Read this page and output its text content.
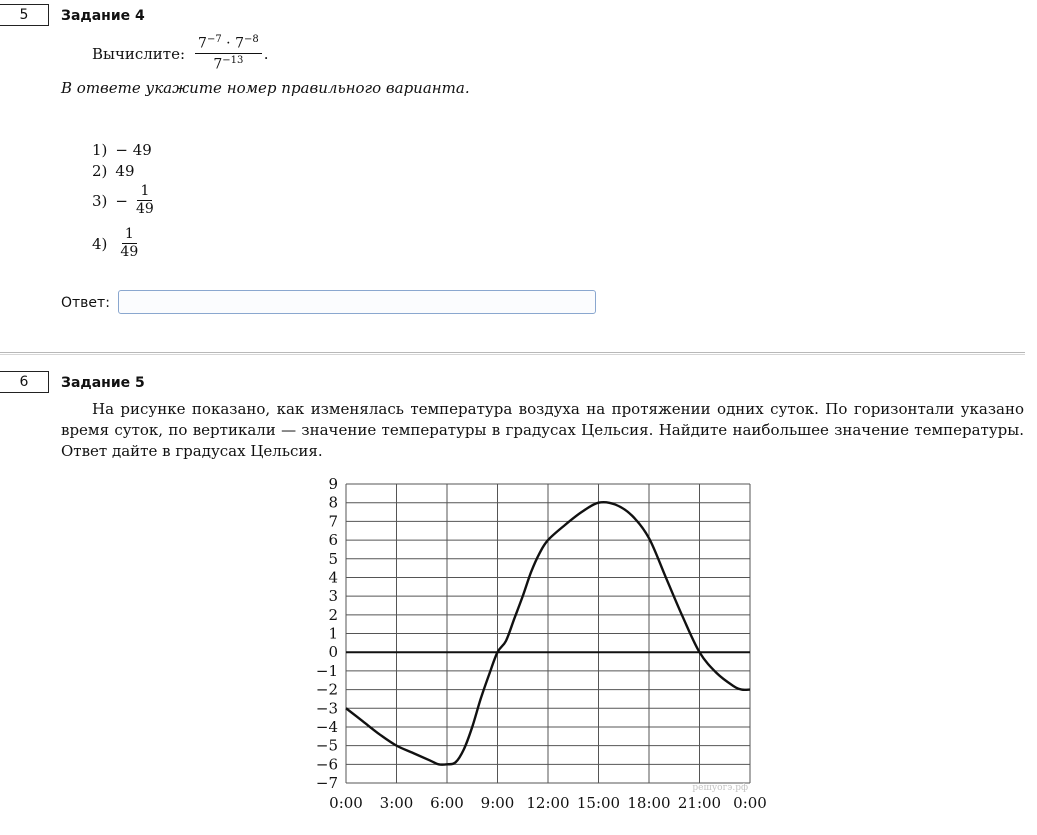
5	Задание 4
Вычислите: $\frac{7^{-7} \cdot 7^{-8}}{7^{-13}}$ .
В ответе укажите номер правильного варианта.
1) − 49
2) 49
$3) - \frac{1}{49}$
$4) \frac{1}{49}$
Ответ:
6	Задание 5
На рисунке показано, как изменялась температура воздуха на протяжении одних суток. По горизонтали указано время суток, по вертикали — значение температуры в градусах Цельсия. Найдите наибольшее значение температуры. Ответ дайте в градусах Цельсия.
9
8
7
6
5
4
3
2
1
0
−1
−2
−3
−4
−5
−6
−7
0:00 3:00 6:00 9:00 12:00 15:00 18:00 21:00 0:00
решуогэ.рф
